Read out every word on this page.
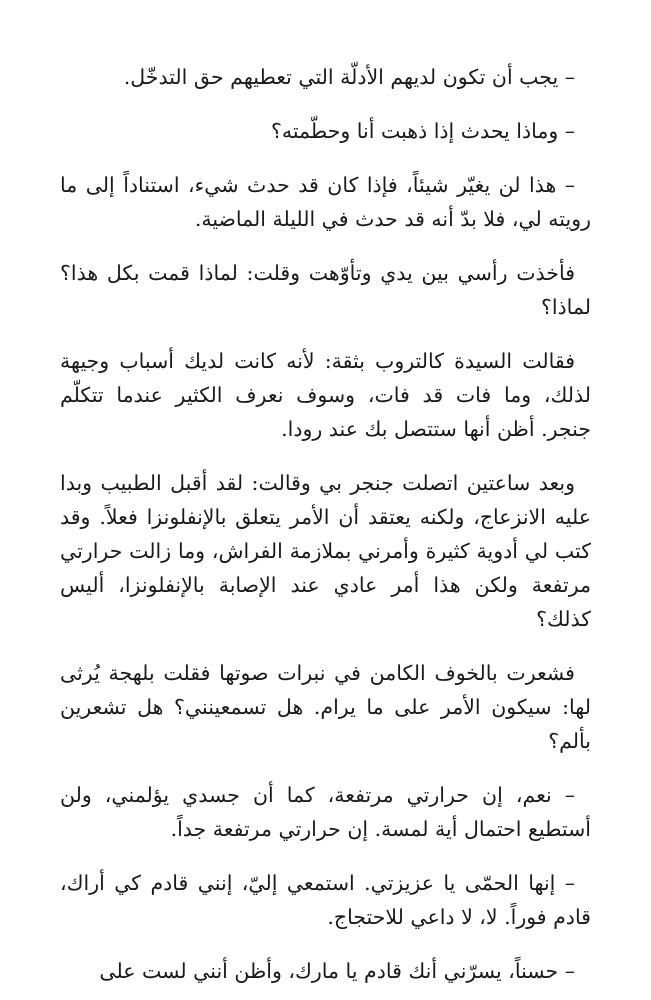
– يجب أن تكون لديهم الأدلّة التي تعطيهم حق التدخّل.

– وماذا يحدث إذا ذهبت أنا وحطّمته؟

– هذا لن يغيّر شيئاً، فإذا كان قد حدث شيء، استناداً إلى ما رويته لي، فلا بدّ أنه قد حدث في الليلة الماضية.

فأخذت رأسي بين يدي وتأوّهت وقلت: لماذا قمت بكل هذا؟ لماذا؟

فقالت السيدة كالتروب بثقة: لأنه كانت لديك أسباب وجيهة لذلك، وما فات قد فات، وسوف نعرف الكثير عندما تتكلّم جنجر. أظن أنها ستتصل بك عند رودا.

وبعد ساعتين اتصلت جنجر بي وقالت: لقد أقبل الطبيب وبدا عليه الانزعاج، ولكنه يعتقد أن الأمر يتعلق بالإنفلونزا فعلاً. وقد كتب لي أدوية كثيرة وأمرني بملازمة الفراش، وما زالت حرارتي مرتفعة ولكن هذا أمر عادي عند الإصابة بالإنفلونزا، أليس كذلك؟

فشعرت بالخوف الكامن في نبرات صوتها فقلت بلهجة يُرثى لها: سيكون الأمر على ما يرام. هل تسمعينني؟ هل تشعرين بألم؟

– نعم، إن حرارتي مرتفعة، كما أن جسدي يؤلمني، ولن أستطيع احتمال أية لمسة. إن حرارتي مرتفعة جداً.

– إنها الحمّى يا عزيزتي. استمعي إليّ، إنني قادم كي أراك، قادم فوراً. لا، لا داعي للاحتجاج.

– حسناً، يسرّني أنك قادم يا مارك، وأظن أنني لست على
